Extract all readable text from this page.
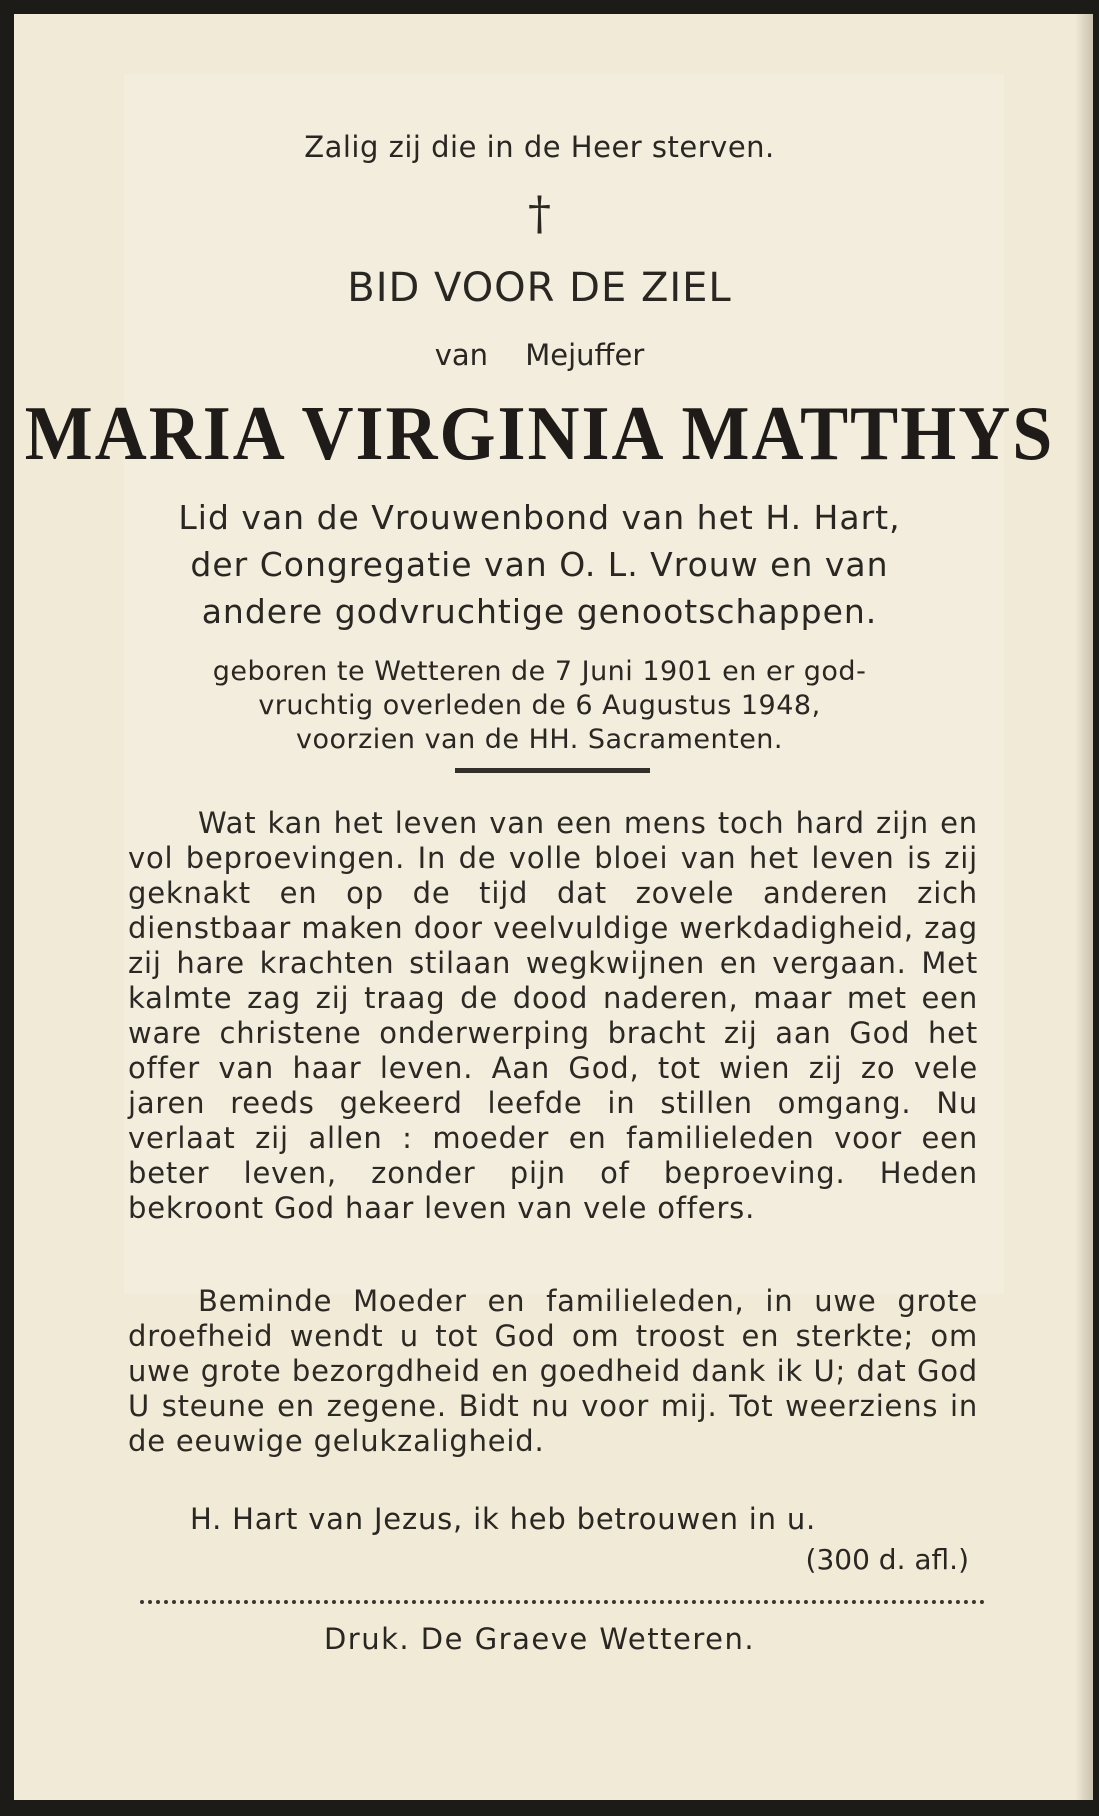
Zalig zij die in de Heer sterven.
†
BID VOOR DE ZIEL
van Mejuffer
MARIA VIRGINIA MATTHYS
Lid van de Vrouwenbond van het H. Hart,
der Congregatie van O. L. Vrouw en van
andere godvruchtige genootschappen.
geboren te Wetteren de 7 Juni 1901 en er god-
vruchtig overleden de 6 Augustus 1948,
voorzien van de HH. Sacramenten.
Wat kan het leven van een mens toch hard zijn en vol beproevingen. In de volle bloei van het leven is zij geknakt en op de tijd dat zovele anderen zich dienstbaar maken door veelvuldige werkdadigheid, zag zij hare krachten stilaan wegkwijnen en vergaan. Met kalmte zag zij traag de dood naderen, maar met een ware christene onderwerping bracht zij aan God het offer van haar leven. Aan God, tot wien zij zo vele jaren reeds gekeerd leefde in stillen omgang. Nu verlaat zij allen : moeder en familieleden voor een beter leven, zonder pijn of beproeving. Heden bekroont God haar leven van vele offers.
Beminde Moeder en familieleden, in uwe grote droefheid wendt u tot God om troost en sterkte; om uwe grote bezorgdheid en goedheid dank ik U; dat God U steune en zegene. Bidt nu voor mij. Tot weerziens in de eeuwige gelukzaligheid.
H. Hart van Jezus, ik heb betrouwen in u.
(300 d. afl.)
Druk. De Graeve Wetteren.
